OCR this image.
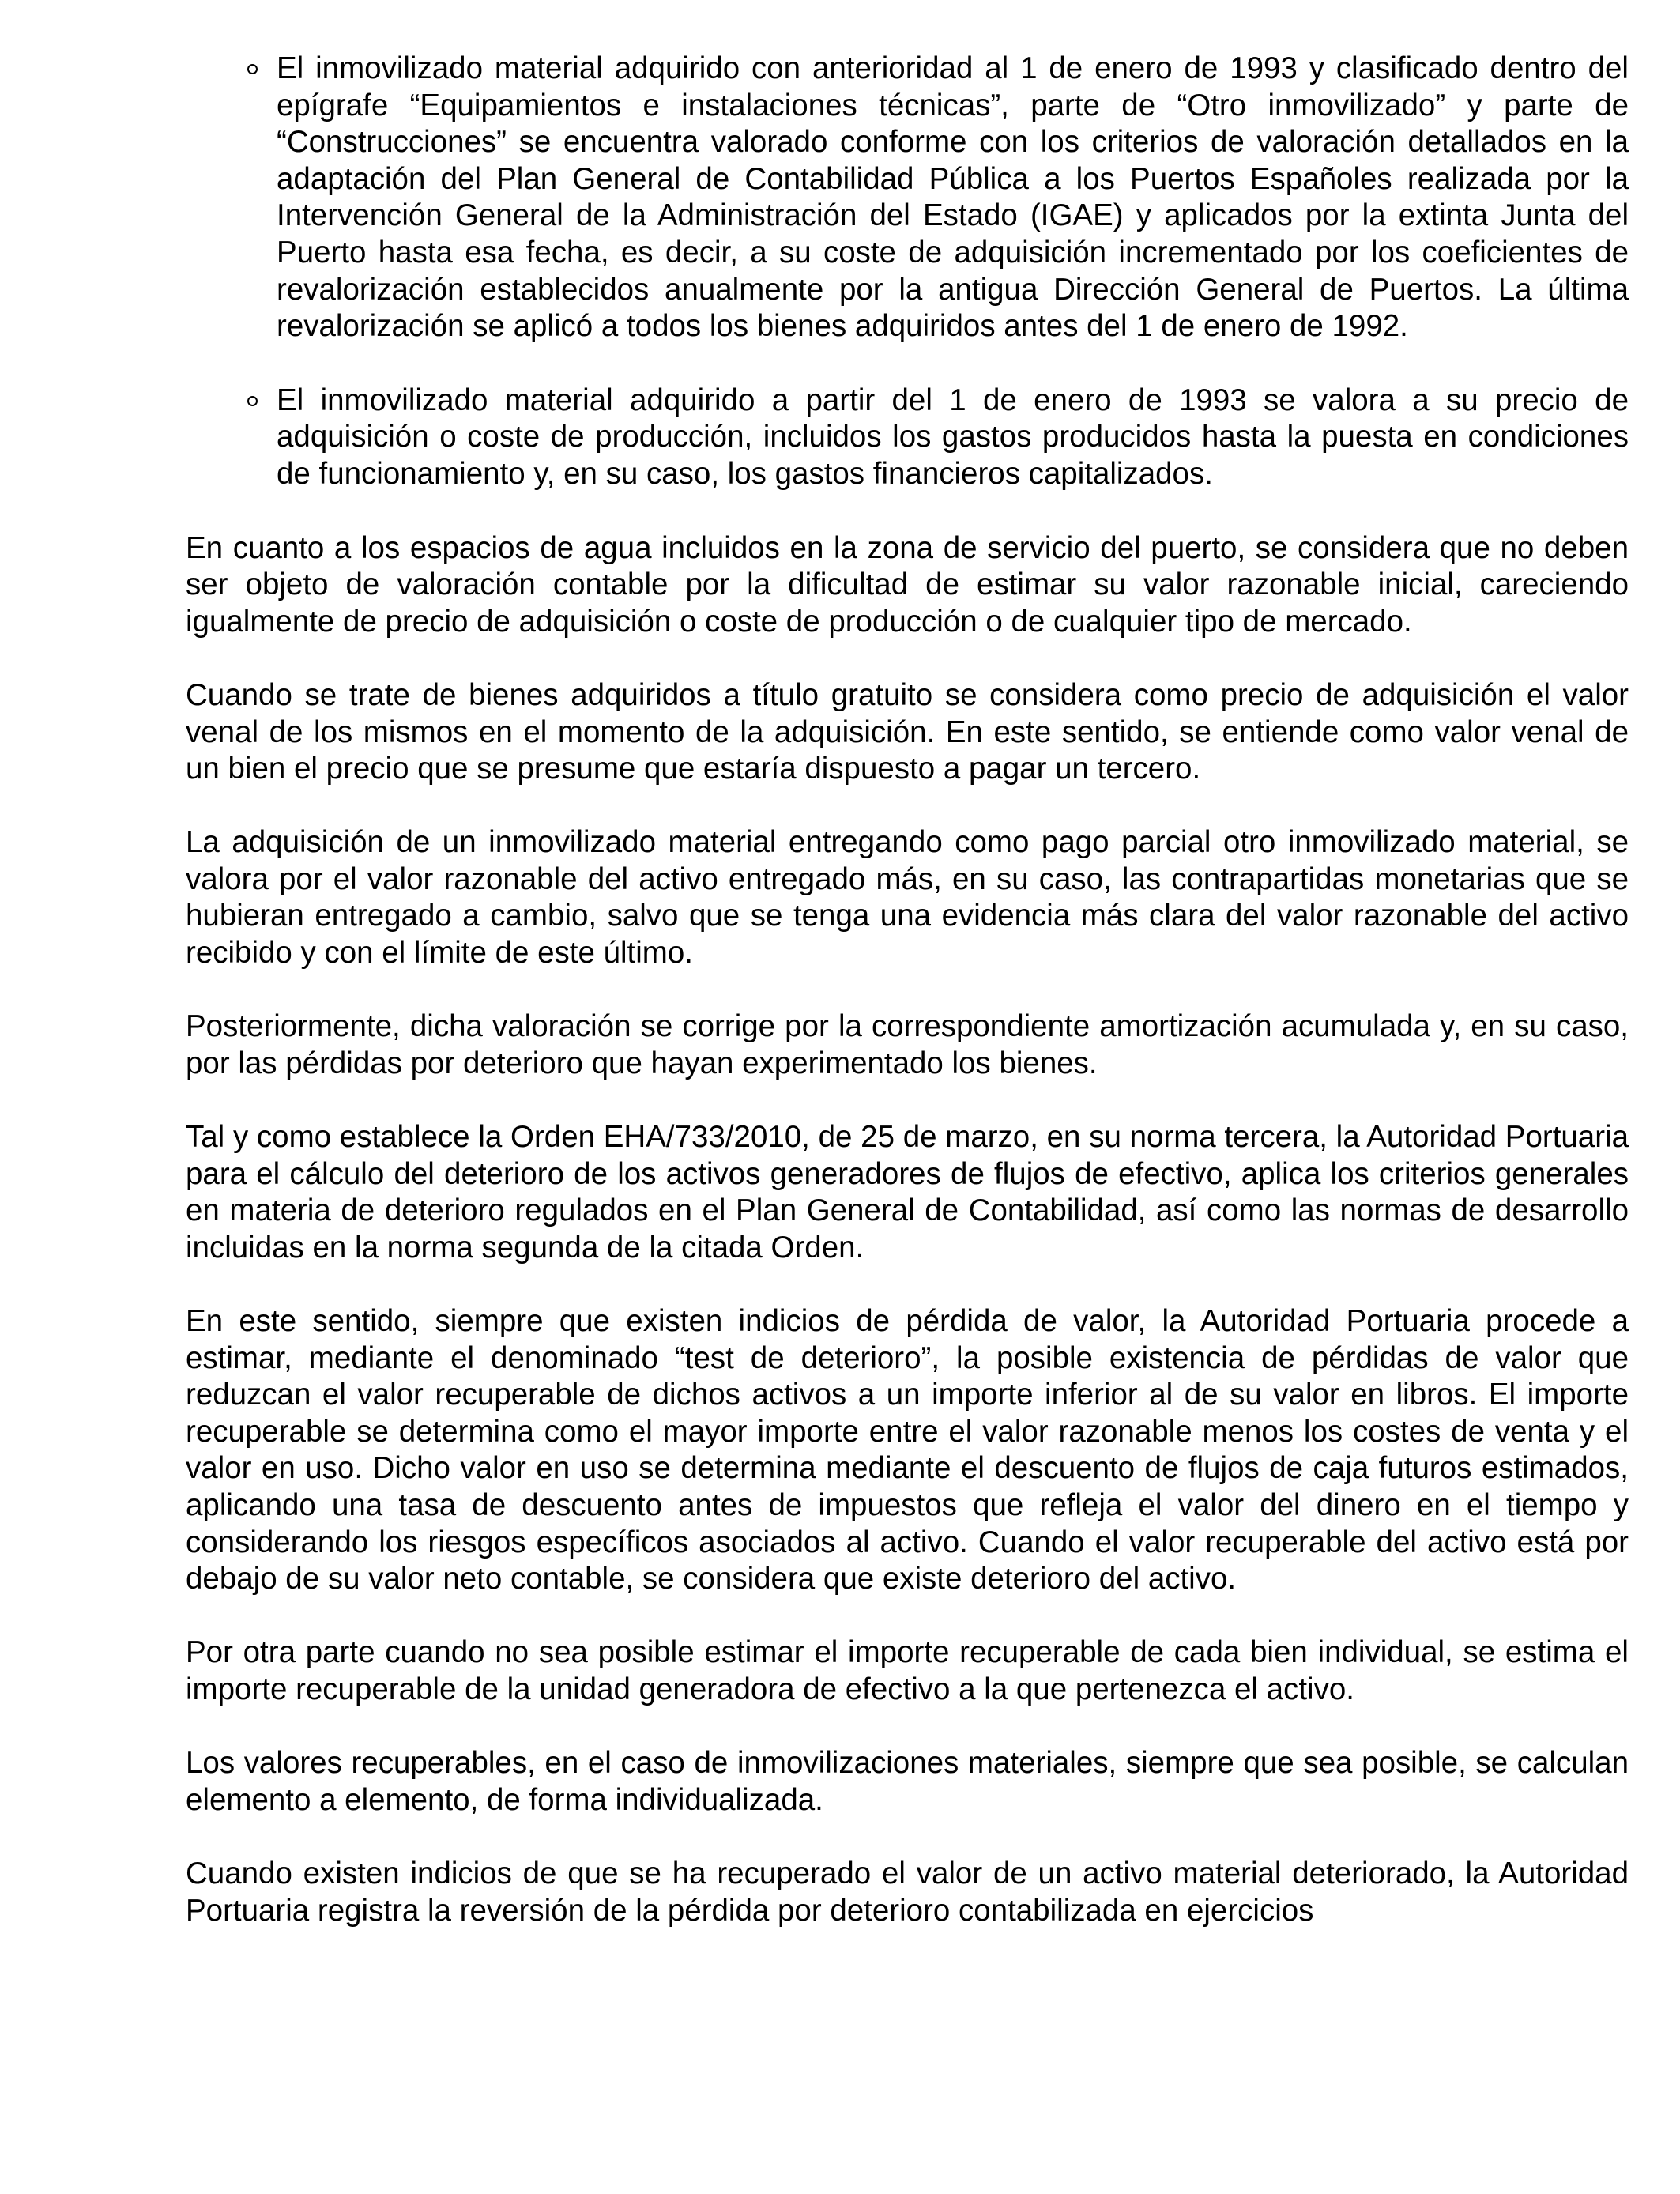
El inmovilizado material adquirido con anterioridad al 1 de enero de 1993 y clasificado dentro del epígrafe “Equipamientos e instalaciones técnicas”, parte de “Otro inmovilizado” y parte de “Construcciones” se encuentra valorado conforme con los criterios de valoración detallados en la adaptación del Plan General de Contabilidad Pública a los Puertos Españoles realizada por la Intervención General de la Administración del Estado (IGAE) y aplicados por la extinta Junta del Puerto hasta esa fecha, es decir, a su coste de adquisición incrementado por los coeficientes de revalorización establecidos anualmente por la antigua Dirección General de Puertos. La última revalorización se aplicó a todos los bienes adquiridos antes del 1 de enero de 1992.
El inmovilizado material adquirido a partir del 1 de enero de 1993 se valora a su precio de adquisición o coste de producción, incluidos los gastos producidos hasta la puesta en condiciones de funcionamiento y, en su caso, los gastos financieros capitalizados.

En cuanto a los espacios de agua incluidos en la zona de servicio del puerto, se considera que no deben ser objeto de valoración contable por la dificultad de estimar su valor razonable inicial, careciendo igualmente de precio de adquisición o coste de producción o de cualquier tipo de mercado.

Cuando se trate de bienes adquiridos a título gratuito se considera como precio de adquisición el valor venal de los mismos en el momento de la adquisición. En este sentido, se entiende como valor venal de un bien el precio que se presume que estaría dispuesto a pagar un tercero.

La adquisición de un inmovilizado material entregando como pago parcial otro inmovilizado material, se valora por el valor razonable del activo entregado más, en su caso, las contrapartidas monetarias que se hubieran entregado a cambio, salvo que se tenga una evidencia más clara del valor razonable del activo recibido y con el límite de este último.

Posteriormente, dicha valoración se corrige por la correspondiente amortización acumulada y, en su caso, por las pérdidas por deterioro que hayan experimentado los bienes.

Tal y como establece la Orden EHA/733/2010, de 25 de marzo, en su norma tercera, la Autoridad Portuaria para el cálculo del deterioro de los activos generadores de flujos de efectivo, aplica los criterios generales en materia de deterioro regulados en el Plan General de Contabilidad, así como las normas de desarrollo incluidas en la norma segunda de la citada Orden.

En este sentido, siempre que existen indicios de pérdida de valor, la Autoridad Portuaria procede a estimar, mediante el denominado “test de deterioro”, la posible existencia de pérdidas de valor que reduzcan el valor recuperable de dichos activos a un importe inferior al de su valor en libros. El importe recuperable se determina como el mayor importe entre el valor razonable menos los costes de venta y el valor en uso. Dicho valor en uso se determina mediante el descuento de flujos de caja futuros estimados, aplicando una tasa de descuento antes de impuestos que refleja el valor del dinero en el tiempo y considerando los riesgos específicos asociados al activo. Cuando el valor recuperable del activo está por debajo de su valor neto contable, se considera que existe deterioro del activo.

Por otra parte cuando no sea posible estimar el importe recuperable de cada bien individual, se estima el importe recuperable de la unidad generadora de efectivo a la que pertenezca el activo.

Los valores recuperables, en el caso de inmovilizaciones materiales, siempre que sea posible, se calculan elemento a elemento, de forma individualizada.

Cuando existen indicios de que se ha recuperado el valor de un activo material deteriorado, la Autoridad Portuaria registra la reversión de la pérdida por deterioro contabilizada en ejercicios
